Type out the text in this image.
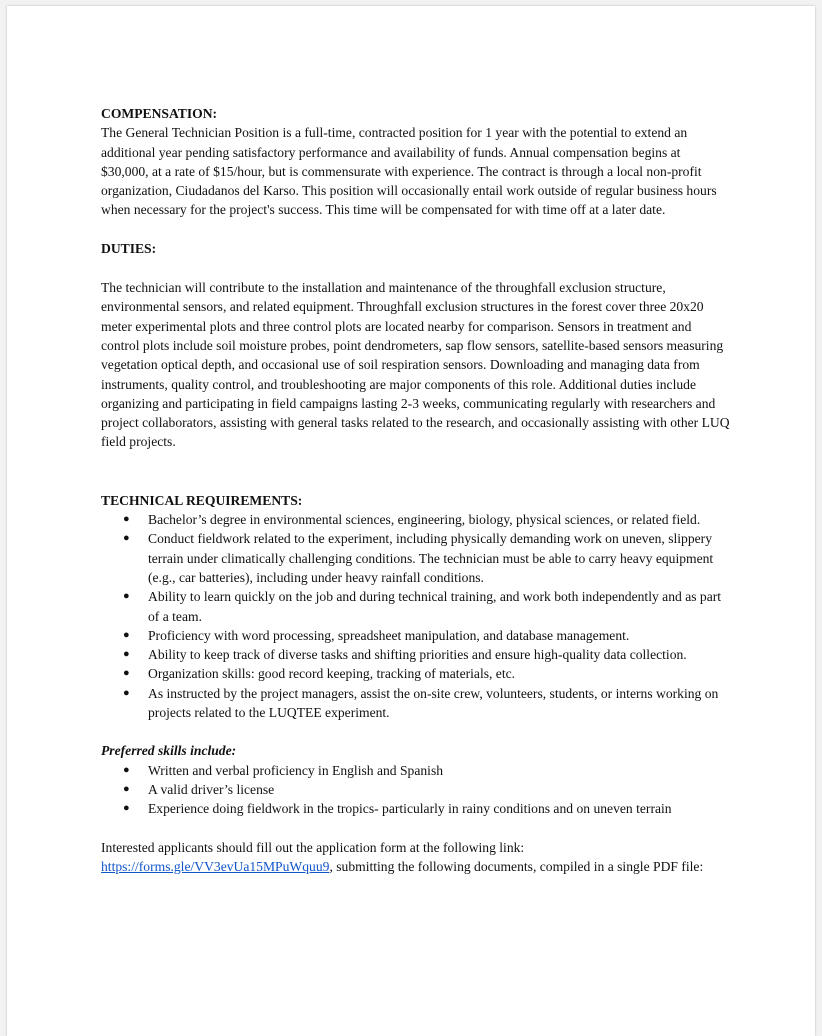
COMPENSATION:

The General Technician Position is a full-time, contracted position for 1 year with the potential to extend an additional year pending satisfactory performance and availability of funds. Annual compensation begins at $30,000, at a rate of $15/hour, but is commensurate with experience. The contract is through a local non-profit organization, Ciudadanos del Karso. This position will occasionally entail work outside of regular business hours when necessary for the project's success. This time will be compensated for with time off at a later date.

DUTIES:

The technician will contribute to the installation and maintenance of the throughfall exclusion structure, environmental sensors, and related equipment. Throughfall exclusion structures in the forest cover three 20x20 meter experimental plots and three control plots are located nearby for comparison. Sensors in treatment and control plots include soil moisture probes, point dendrometers, sap flow sensors, satellite-based sensors measuring vegetation optical depth, and occasional use of soil respiration sensors. Downloading and managing data from instruments, quality control, and troubleshooting are major components of this role. Additional duties include organizing and participating in field campaigns lasting 2-3 weeks, communicating regularly with researchers and project collaborators, assisting with general tasks related to the research, and occasionally assisting with other LUQ field projects.

TECHNICAL REQUIREMENTS:

● Bachelor’s degree in environmental sciences, engineering, biology, physical sciences, or related field.
● Conduct fieldwork related to the experiment, including physically demanding work on uneven, slippery terrain under climatically challenging conditions. The technician must be able to carry heavy equipment (e.g., car batteries), including under heavy rainfall conditions.
● Ability to learn quickly on the job and during technical training, and work both independently and as part of a team.
● Proficiency with word processing, spreadsheet manipulation, and database management.
● Ability to keep track of diverse tasks and shifting priorities and ensure high-quality data collection.
● Organization skills: good record keeping, tracking of materials, etc.
● As instructed by the project managers, assist the on-site crew, volunteers, students, or interns working on projects related to the LUQTEE experiment.

Preferred skills include:

● Written and verbal proficiency in English and Spanish
● A valid driver’s license
● Experience doing fieldwork in the tropics- particularly in rainy conditions and on uneven terrain

Interested applicants should fill out the application form at the following link:
https://forms.gle/VV3evUa15MPuWquu9, submitting the following documents, compiled in a single PDF file:
